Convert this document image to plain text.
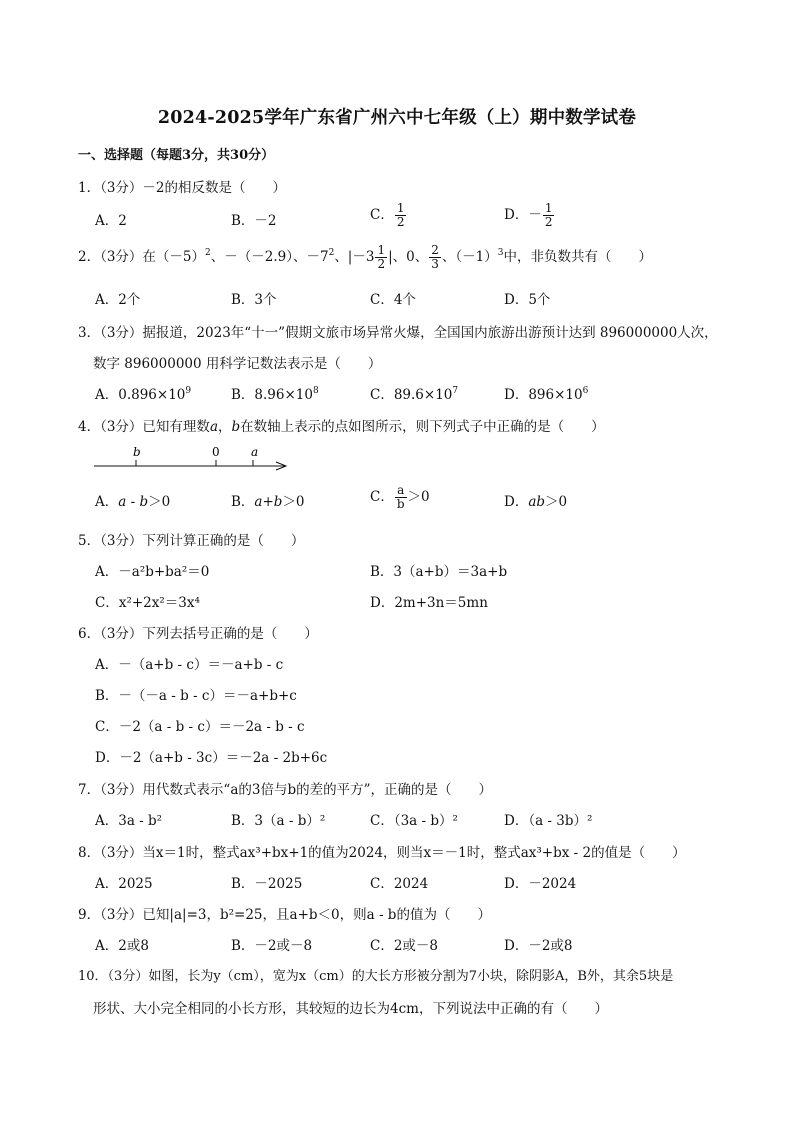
2024-2025学年广东省广州六中七年级（上）期中数学试卷
一、选择题（每题3分，共30分）
1．（3分）－2的相反数是（　　）
A．2	B．－2	C． $\frac{1}{2}$	D．－ $\frac{1}{2}$
2．（3分）在$(-5)^2$、－（－2.9）、$-7^2$、$|-3 \frac{1}{2}$ |、0、 $\frac{2}{3}$ 、$(-1)^3$中，非负数共有（　　）
A．2个	B．3个	C．4个	D．5个
3．（3分）据报道，2023年“十一”假期文旅市场异常火爆，全国国内旅游出游预计达到 896000000人次，
数字 896000000 用科学记数法表示是（　　）
A．$0.896\times 10^9$	B．$8.96\times 10^8$	C．$89.6\times 10^7$	D．$896\times 10^6$
4．（3分）已知有理数a，b在数轴上表示的点如图所示，则下列式子中正确的是（　　）
b	0	a
A．a - b＞0	B．a+b＞0	C． $\frac{a}{b} >0$	D．ab＞0
5．（3分）下列计算正确的是（　　）
A．－a²b+ba²＝0	B．3（a+b）＝3a+b
C．x²+2x²＝3x⁴	D．2m+3n＝5mn
6．（3分）下列去括号正确的是（　　）
A．－（a+b - c）＝－a+b - c
B．－（－a - b - c）＝－a+b+c
C．－2（a - b - c）＝－2a - b - c
D．－2（a+b - 3c）＝－2a - 2b+6c
7．（3分）用代数式表示“a的3倍与b的差的平方”，正确的是（　　）
A．3a - b²	B．3（a - b）²	C．（3a - b）²	D．（a - 3b）²
8．（3分）当x＝1时，整式ax³+bx+1的值为2024，则当x＝－1时，整式ax³+bx - 2的值是（　　）
A．2025	B．－2025	C．2024	D．－2024
9．（3分）已知|a|=3，b²=25，且a+b＜0，则a - b的值为（　　）
A．2或8	B．－2或－8	C．2或－8	D．－2或8
10．（3分）如图，长为y（cm），宽为x（cm）的大长方形被分割为7小块，除阴影A，B外，其余5块是
形状、大小完全相同的小长方形，其较短的边长为4cm，下列说法中正确的有（　　）
